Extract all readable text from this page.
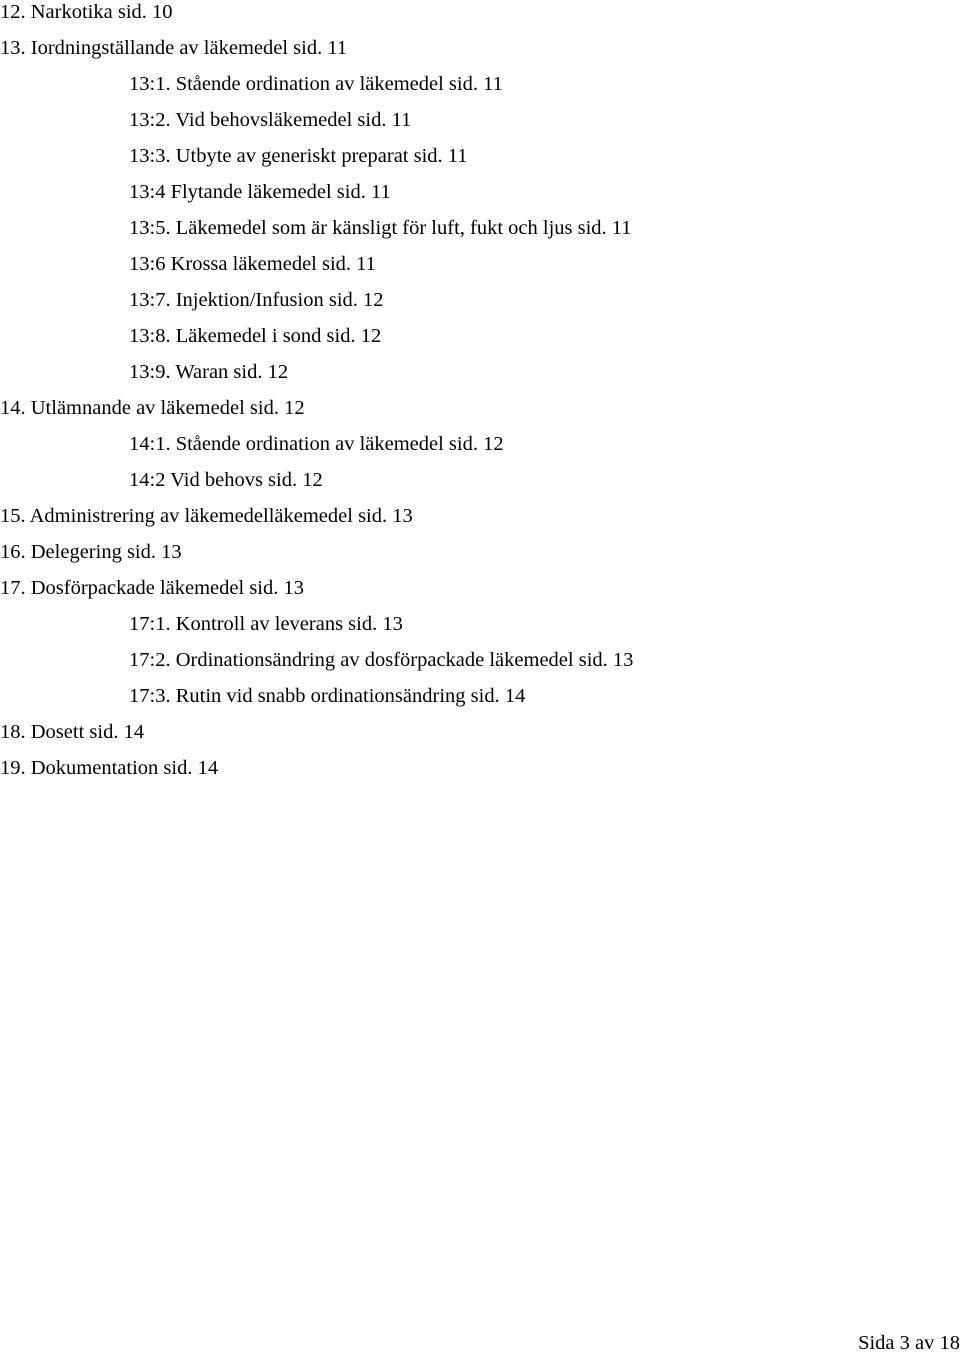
12. Narkotika sid. 10
13. Iordningställande av läkemedel sid. 11
13:1. Stående ordination av läkemedel sid. 11
13:2. Vid behovsläkemedel sid. 11
13:3. Utbyte av generiskt preparat sid. 11
13:4 Flytande läkemedel sid. 11
13:5. Läkemedel som är känsligt för luft, fukt och ljus sid. 11
13:6 Krossa läkemedel sid. 11
13:7. Injektion/Infusion sid. 12
13:8. Läkemedel i sond sid. 12
13:9. Waran sid. 12
14. Utlämnande av läkemedel sid. 12
14:1. Stående ordination av läkemedel sid. 12
14:2 Vid behovs sid. 12
15. Administrering av läkemedelläkemedel sid. 13
16. Delegering sid. 13
17. Dosförpackade läkemedel sid. 13
17:1. Kontroll av leverans sid. 13
17:2. Ordinationsändring av dosförpackade läkemedel sid. 13
17:3. Rutin vid snabb ordinationsändring sid. 14
18. Dosett sid. 14
19. Dokumentation sid. 14
Sida 3 av 18
